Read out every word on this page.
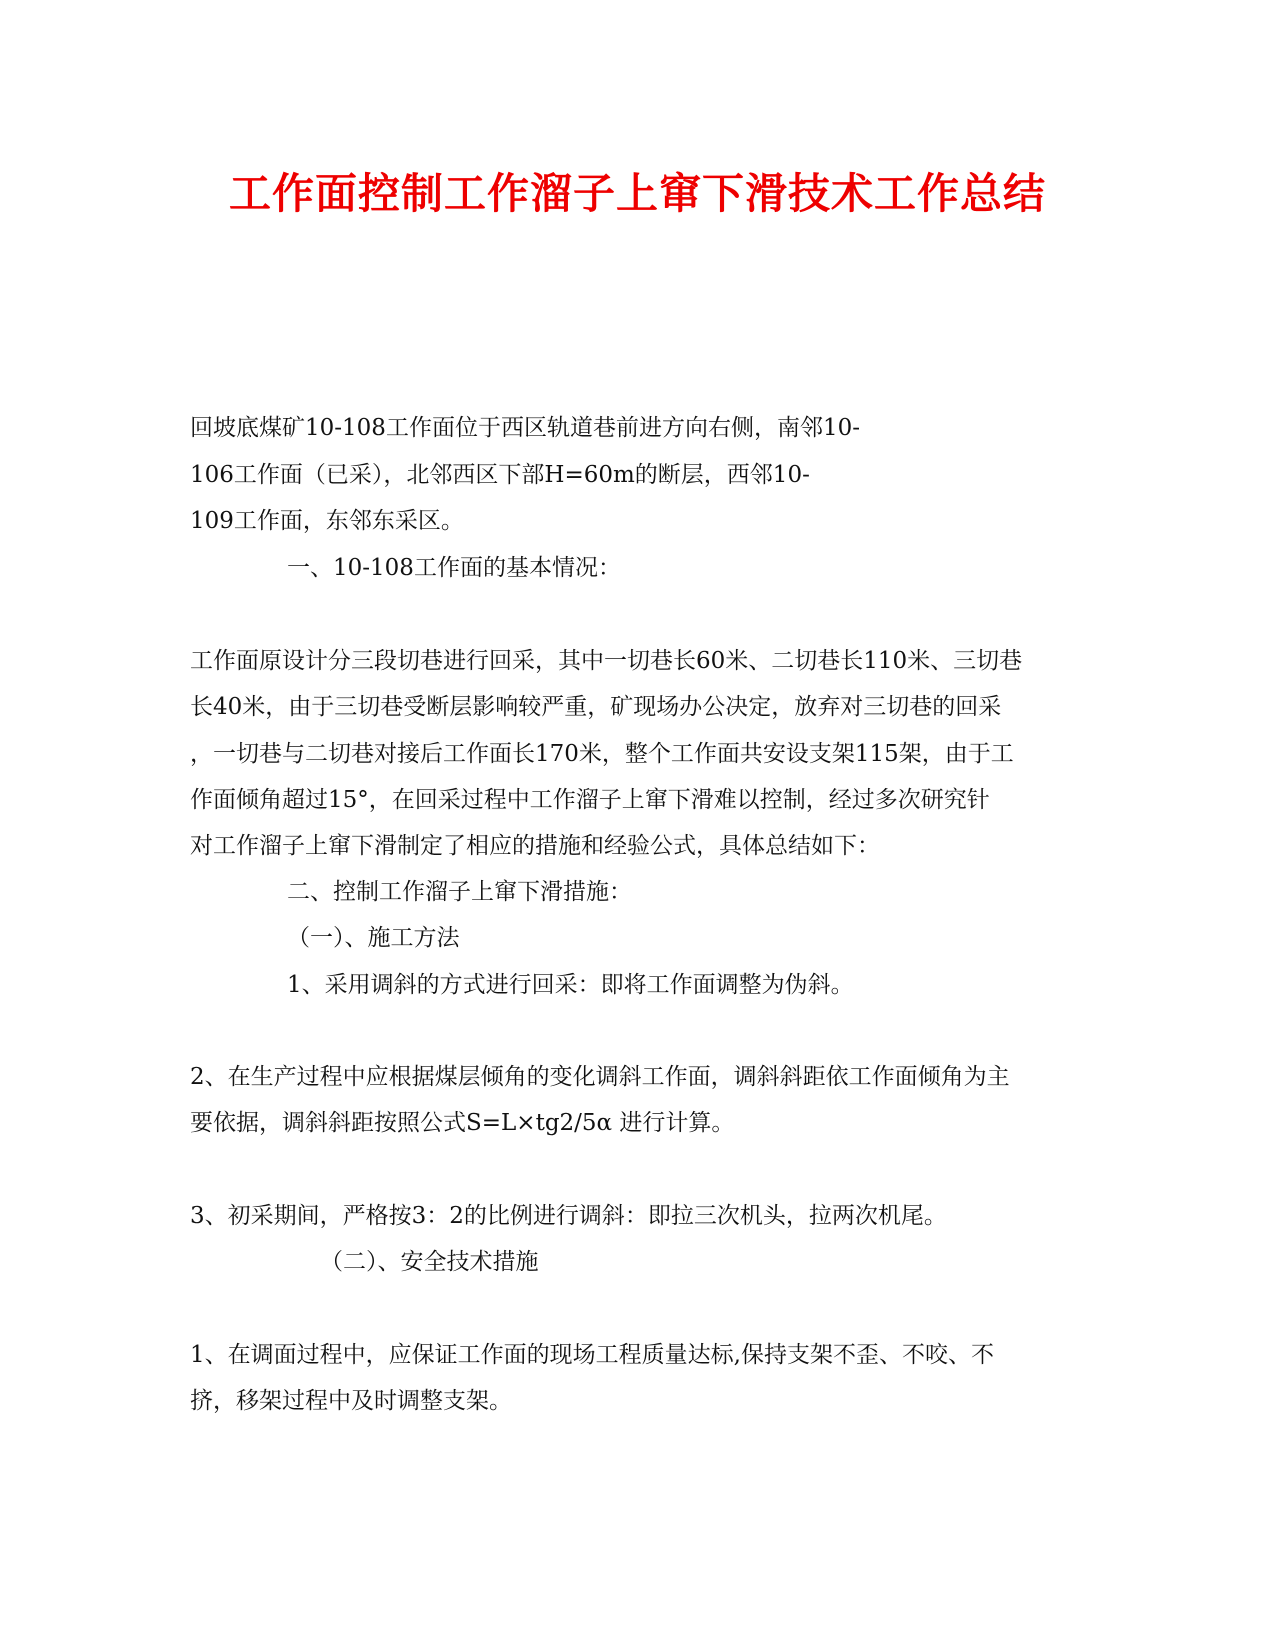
工作面控制工作溜子上窜下滑技术工作总结
回坡底煤矿10-108工作面位于西区轨道巷前进方向右侧，南邻10-
106工作面（已采），北邻西区下部H=60m的断层，西邻10-
109工作面，东邻东采区。
一、10-108工作面的基本情况：
工作面原设计分三段切巷进行回采，其中一切巷长60米、二切巷长110米、三切巷
长40米，由于三切巷受断层影响较严重，矿现场办公决定，放弃对三切巷的回采
，一切巷与二切巷对接后工作面长170米，整个工作面共安设支架115架，由于工
作面倾角超过15°，在回采过程中工作溜子上窜下滑难以控制，经过多次研究针
对工作溜子上窜下滑制定了相应的措施和经验公式，具体总结如下：
二、控制工作溜子上窜下滑措施：
（一）、施工方法
1、采用调斜的方式进行回采：即将工作面调整为伪斜。
2、在生产过程中应根据煤层倾角的变化调斜工作面，调斜斜距依工作面倾角为主
要依据，调斜斜距按照公式S=L×tg2/5α 进行计算。
3、初采期间，严格按3：2的比例进行调斜：即拉三次机头，拉两次机尾。
（二）、安全技术措施
1、在调面过程中，应保证工作面的现场工程质量达标,保持支架不歪、不咬、不
挤，移架过程中及时调整支架。
